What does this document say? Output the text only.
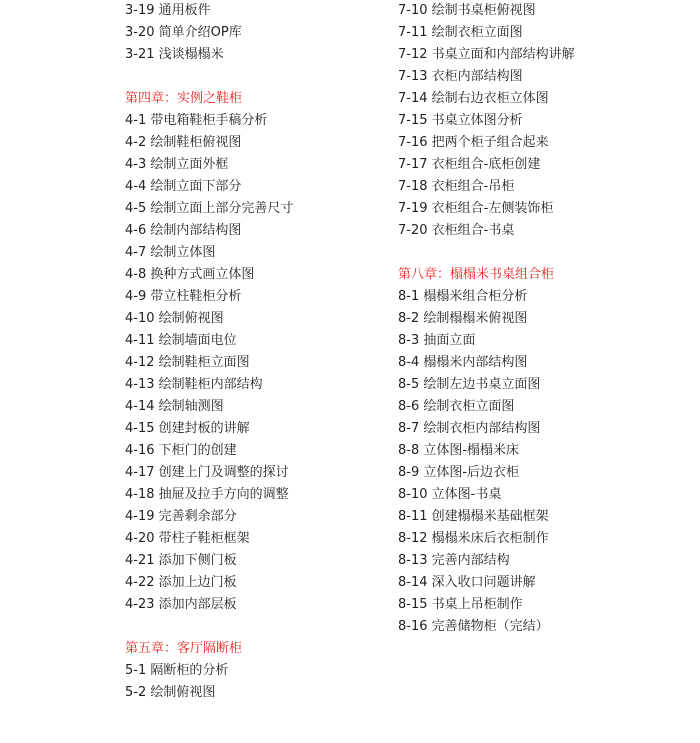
3-19 通用板件
3-20 简单介绍OP库
3-21 浅谈榻榻米
第四章：实例之鞋柜
4-1 带电箱鞋柜手稿分析
4-2 绘制鞋柜俯视图
4-3 绘制立面外框
4-4 绘制立面下部分
4-5 绘制立面上部分完善尺寸
4-6 绘制内部结构图
4-7 绘制立体图
4-8 换种方式画立体图
4-9 带立柱鞋柜分析
4-10 绘制俯视图
4-11 绘制墙面电位
4-12 绘制鞋柜立面图
4-13 绘制鞋柜内部结构
4-14 绘制轴测图
4-15 创建封板的讲解
4-16 下柜门的创建
4-17 创建上门及调整的探讨
4-18 抽屉及拉手方向的调整
4-19 完善剩余部分
4-20 带柱子鞋柜框架
4-21 添加下侧门板
4-22 添加上边门板
4-23 添加内部层板
第五章：客厅隔断柜
5-1 隔断柜的分析
5-2 绘制俯视图
7-10 绘制书桌柜俯视图
7-11 绘制衣柜立面图
7-12 书桌立面和内部结构讲解
7-13 衣柜内部结构图
7-14 绘制右边衣柜立体图
7-15 书桌立体图分析
7-16 把两个柜子组合起来
7-17 衣柜组合-底柜创建
7-18 衣柜组合-吊柜
7-19 衣柜组合-左侧装饰柜
7-20 衣柜组合-书桌
第八章：榻榻米书桌组合柜
8-1 榻榻米组合柜分析
8-2 绘制榻榻米俯视图
8-3 抽面立面
8-4 榻榻米内部结构图
8-5 绘制左边书桌立面图
8-6 绘制衣柜立面图
8-7 绘制衣柜内部结构图
8-8 立体图-榻榻米床
8-9 立体图-后边衣柜
8-10 立体图-书桌
8-11 创建榻榻米基础框架
8-12 榻榻米床后衣柜制作
8-13 完善内部结构
8-14 深入收口问题讲解
8-15 书桌上吊柜制作
8-16 完善储物柜（完结）
